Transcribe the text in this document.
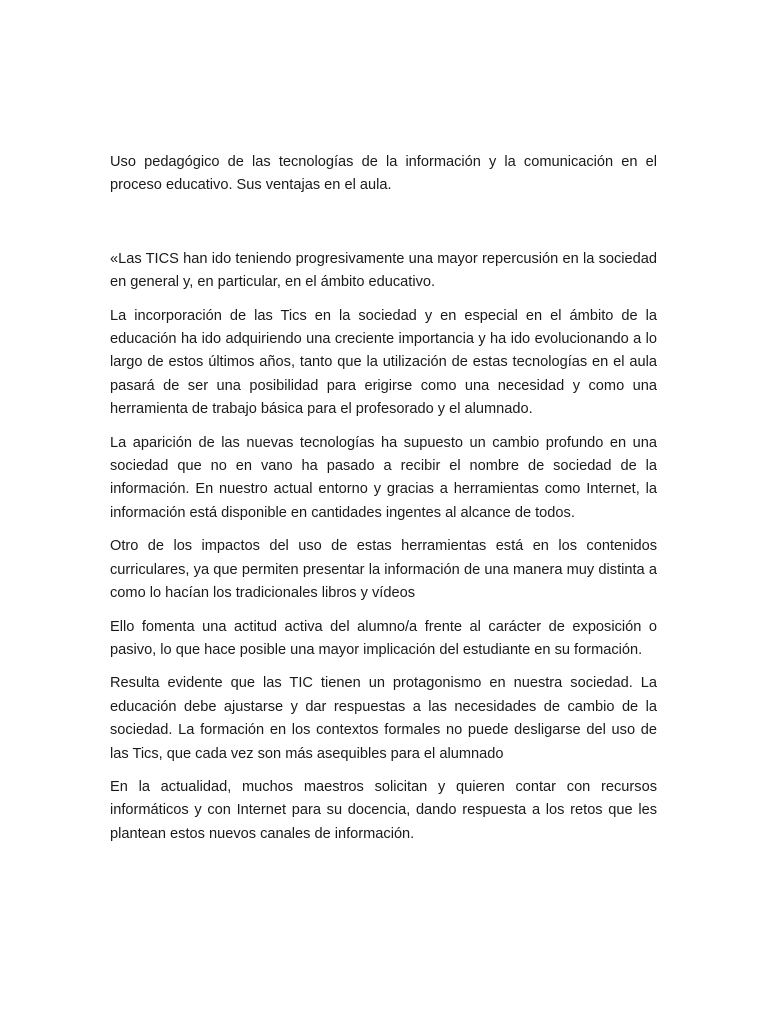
Uso pedagógico de las tecnologías de la información y la comunicación en el proceso educativo. Sus ventajas en el aula.

«Las TICS han ido teniendo progresivamente una mayor repercusión en la sociedad en general y, en particular, en el ámbito educativo.

La incorporación de las Tics en la sociedad y en especial en el ámbito de la educación ha ido adquiriendo una creciente importancia y ha ido evolucionando a lo largo de estos últimos años, tanto que la utilización de estas tecnologías en el aula pasará de ser una posibilidad para erigirse como una necesidad y como una herramienta de trabajo básica para el profesorado y el alumnado.

La aparición de las nuevas tecnologías ha supuesto un cambio profundo en una sociedad que no en vano ha pasado a recibir el nombre de sociedad de la información. En nuestro actual entorno y gracias a herramientas como Internet, la información está disponible en cantidades ingentes al alcance de todos.

Otro de los impactos del uso de estas herramientas está en los contenidos curriculares, ya que permiten presentar la información de una manera muy distinta a como lo hacían los tradicionales libros y vídeos

Ello fomenta una actitud activa del alumno/a frente al carácter de exposición o pasivo, lo que hace posible una mayor implicación del estudiante en su formación.

Resulta evidente que las TIC tienen un protagonismo en nuestra sociedad. La educación debe ajustarse y dar respuestas a las necesidades de cambio de la sociedad. La formación en los contextos formales no puede desligarse del uso de las Tics, que cada vez son más asequibles para el alumnado

En la actualidad, muchos maestros solicitan y quieren contar con recursos informáticos y con Internet para su docencia, dando respuesta a los retos que les plantean estos nuevos canales de información.
